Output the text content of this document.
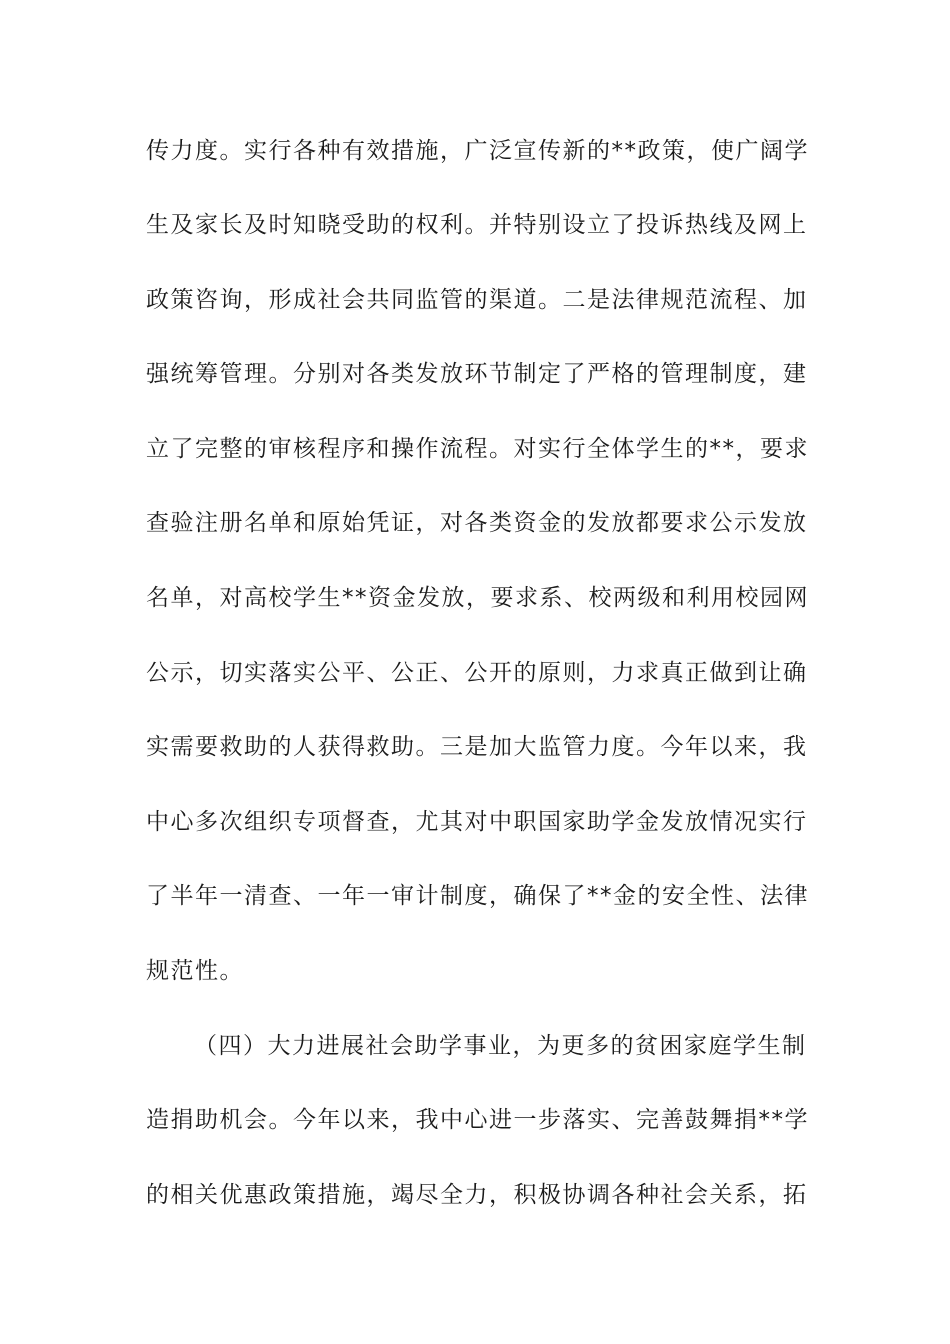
传力度。实行各种有效措施，广泛宣传新的**政策，使广阔学
生及家长及时知晓受助的权利。并特别设立了投诉热线及网上
政策咨询，形成社会共同监管的渠道。二是法律规范流程、加
强统筹管理。分别对各类发放环节制定了严格的管理制度，建
立了完整的审核程序和操作流程。对实行全体学生的**，要求
查验注册名单和原始凭证，对各类资金的发放都要求公示发放
名单，对高校学生**资金发放，要求系、校两级和利用校园网
公示，切实落实公平、公正、公开的原则，力求真正做到让确
实需要救助的人获得救助。三是加大监管力度。今年以来，我
中心多次组织专项督查，尤其对中职国家助学金发放情况实行
了半年一清查、一年一审计制度，确保了**金的安全性、法律
规范性。
（四）大力进展社会助学事业，为更多的贫困家庭学生制
造捐助机会。今年以来，我中心进一步落实、完善鼓舞捐**学
的相关优惠政策措施，竭尽全力，积极协调各种社会关系，拓
